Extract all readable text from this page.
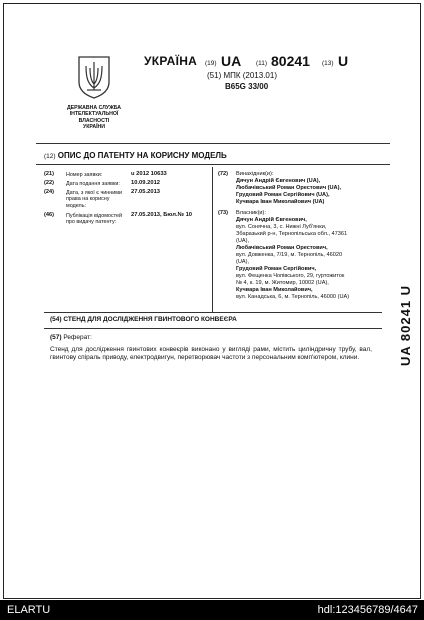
ДЕРЖАВНА СЛУЖБА
ІНТЕЛЕКТУАЛЬНОЇ
ВЛАСНОСТІ
УКРАЇНИ
УКРАЇНА (19) UA (11) 80241 (13) U
(51) МПК (2013.01)
B65G 33/00
(12) ОПИС ДО ПАТЕНТУ НА КОРИСНУ МОДЕЛЬ
(21) Номер заявки:	u 2012 10633
(22) Дата подання заявки: 10.09.2012
(24) Дата, з якої є чинними
права на корисну
модель:
27.05.2013
(46) Публікація відомостей
про видачу патенту:
27.05.2013, Бюл.№ 10
(72) Винахідник(и):
Дячун Андрій Євгенович (UA),
Любачівський Роман Орестович (UA),
Грудовий Роман Сергійович (UA),
Кучвара Іван Миколайович (UA)
(73) Власник(и):
Дячун Андрій Євгенович,
вул. Сонячна, 3, с. Нижні Луб'янки,
Збаразький р-н, Тернопільська обл., 47361
(UA),
Любачівський Роман Орестович,
вул. Довженка, 7/19, м. Тернопіль, 46020
(UA),
Грудовий Роман Сергійович,
вул. Фещенка Чопівського, 29, гуртожиток
№ 4, к. 19, м. Житомир, 10002 (UA),
Кучвара Іван Миколайович,
вул. Канадська, 6, м. Тернопіль, 46000 (UA)
(54) СТЕНД ДЛЯ ДОСЛІДЖЕННЯ ГВИНТОВОГО КОНВЕЄРА
(57) Реферат:
Стенд для дослідження гвинтових конвеєрів виконано у вигляді рами, містить циліндричну трубу, вал, гвинтову спіраль приводу, електродвигун, перетворювач частоти з персональним комп'ютером, клини.	UA 80241 U
ELARTU	hdl:123456789/4647
